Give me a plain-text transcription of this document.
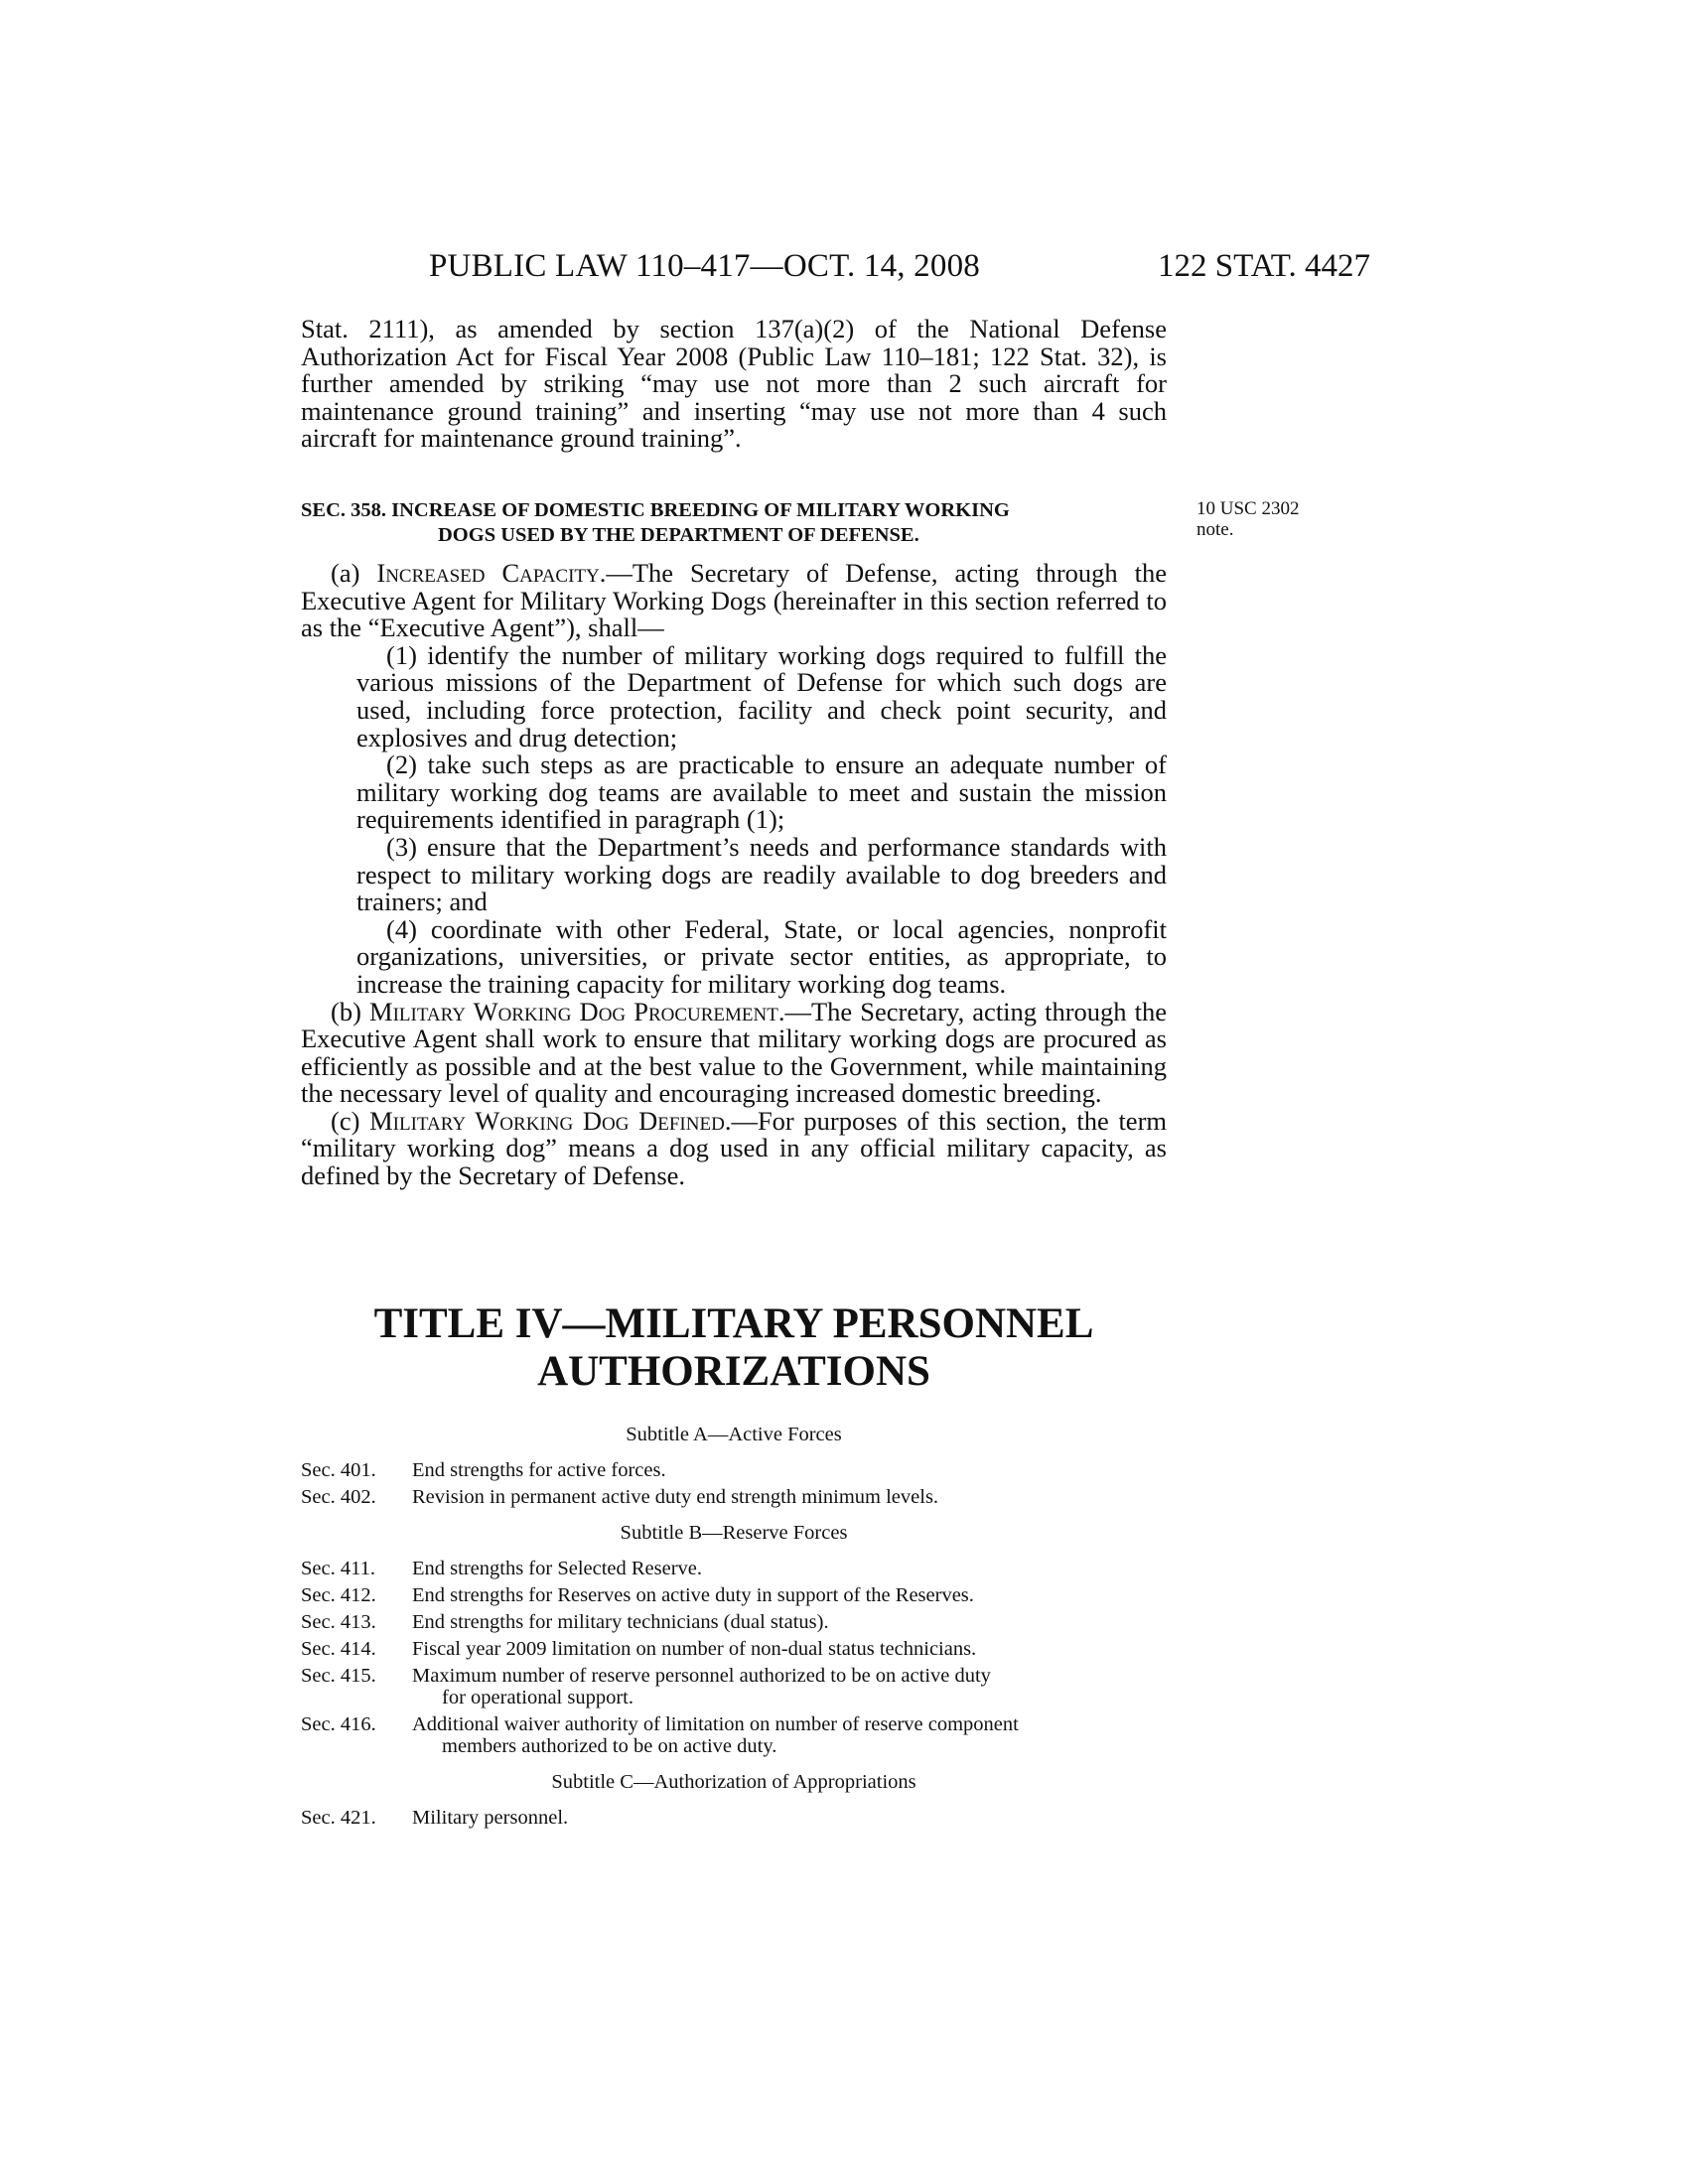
PUBLIC LAW 110–417—OCT. 14, 2008	122 STAT. 4427

Stat. 2111), as amended by section 137(a)(2) of the National Defense Authorization Act for Fiscal Year 2008 (Public Law 110–181; 122 Stat. 32), is further amended by striking “may use not more than 2 such aircraft for maintenance ground training” and inserting “may use not more than 4 such aircraft for maintenance ground training”.

SEC. 358. INCREASE OF DOMESTIC BREEDING OF MILITARY WORKING
DOGS USED BY THE DEPARTMENT OF DEFENSE.

(a) Increased Capacity.—The Secretary of Defense, acting through the Executive Agent for Military Working Dogs (hereinafter in this section referred to as the “Executive Agent”), shall—

(1) identify the number of military working dogs required to fulfill the various missions of the Department of Defense for which such dogs are used, including force protection, facility and check point security, and explosives and drug detection;

(2) take such steps as are practicable to ensure an adequate number of military working dog teams are available to meet and sustain the mission requirements identified in paragraph (1);

(3) ensure that the Department’s needs and performance standards with respect to military working dogs are readily available to dog breeders and trainers; and

(4) coordinate with other Federal, State, or local agencies, nonprofit organizations, universities, or private sector entities, as appropriate, to increase the training capacity for military working dog teams.

(b) Military Working Dog Procurement.—The Secretary, acting through the Executive Agent shall work to ensure that military working dogs are procured as efficiently as possible and at the best value to the Government, while maintaining the necessary level of quality and encouraging increased domestic breeding.

(c) Military Working Dog Defined.—For purposes of this section, the term “military working dog” means a dog used in any official military capacity, as defined by the Secretary of Defense.

10 USC 2302
note.
TITLE IV—MILITARY PERSONNEL
AUTHORIZATIONS

Subtitle A—Active Forces

Sec. 401.	End strengths for active forces.
Sec. 402.	Revision in permanent active duty end strength minimum levels.

Subtitle B—Reserve Forces

Sec. 411.	End strengths for Selected Reserve.
Sec. 412.	End strengths for Reserves on active duty in support of the Reserves.
Sec. 413.	End strengths for military technicians (dual status).
Sec. 414.	Fiscal year 2009 limitation on number of non-dual status technicians.
Sec. 415.	Maximum number of reserve personnel authorized to be on active duty
for operational support.
Sec. 416.	Additional waiver authority of limitation on number of reserve component
members authorized to be on active duty.

Subtitle C—Authorization of Appropriations

Sec. 421.	Military personnel.
